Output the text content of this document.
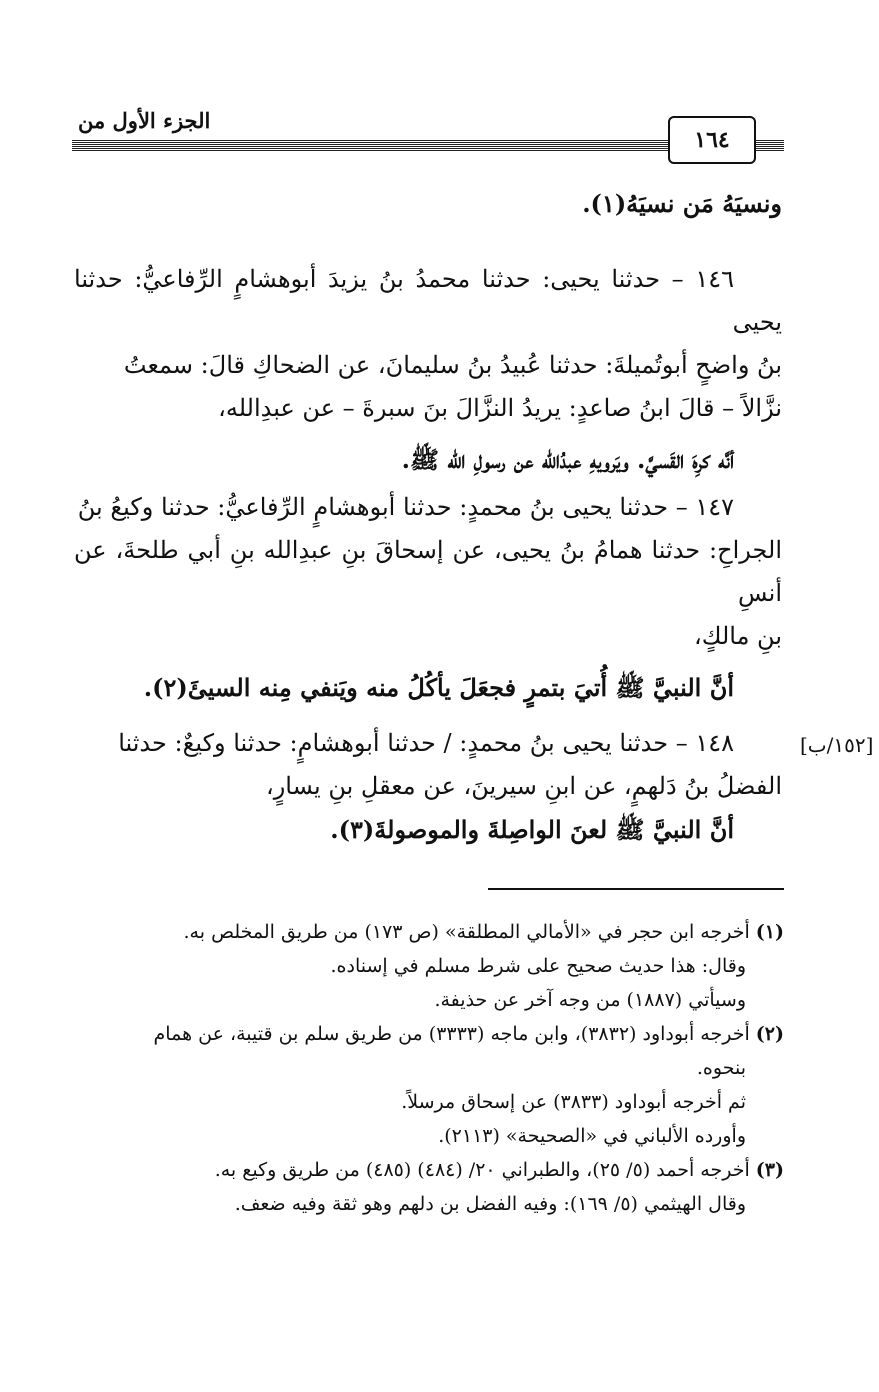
الجزء الأول من
١٦٤

ونسيَهُ مَن نسيَهُ(١).

١٤٦ – حدثنا يحيى: حدثنا محمدُ بنُ يزيدَ أبوهشامٍ الرِّفاعيُّ: حدثنا يحيى

بنُ واضحٍ أبوتُميلةَ: حدثنا عُبيدُ بنُ سليمانَ، عن الضحاكِ قالَ: سمعتُ

نزَّالاً – قالَ ابنُ صاعدٍ: يريدُ النزَّالَ بنَ سبرةَ – عن عبدِالله،

أنَّه كرِهَ القَسيَّ. ويَرويهِ عبدُالله عن رسولِ الله ﷺ.

١٤٧ – حدثنا يحيى بنُ محمدٍ: حدثنا أبوهشامٍ الرِّفاعيُّ: حدثنا وكيعُ بنُ

الجراحِ: حدثنا همامُ بنُ يحيى، عن إسحاقَ بنِ عبدِالله بنِ أبي طلحةَ، عن أنسِ

بنِ مالكٍ،

أنَّ النبيَّ ﷺ أُتيَ بتمرٍ فجعَلَ يأكُلُ منه ويَنفي مِنه السيئَ(٢).

[١٥٢/ب]

١٤٨ – حدثنا يحيى بنُ محمدٍ: / حدثنا أبوهشامٍ: حدثنا وكيعٌ: حدثنا

الفضلُ بنُ دَلهمٍ، عن ابنِ سيرينَ، عن معقلِ بنِ يسارٍ،

أنَّ النبيَّ ﷺ لعنَ الواصِلةَ والموصولةَ(٣).

(١) أخرجه ابن حجر في «الأمالي المطلقة» (ص ١٧٣) من طريق المخلص به.

وقال: هذا حديث صحيح على شرط مسلم في إسناده.

وسيأتي (١٨٨٧) من وجه آخر عن حذيفة.

(٢) أخرجه أبوداود (٣٨٣٢)، وابن ماجه (٣٣٣٣) من طريق سلم بن قتيبة، عن همام

بنحوه.

ثم أخرجه أبوداود (٣٨٣٣) عن إسحاق مرسلاً.

وأورده الألباني في «الصحيحة» (٢١١٣).

(٣) أخرجه أحمد (٥/ ٢٥)، والطبراني ٢٠/ (٤٨٤) (٤٨٥) من طريق وكيع به.

وقال الهيثمي (٥/ ١٦٩): وفيه الفضل بن دلهم وهو ثقة وفيه ضعف.
